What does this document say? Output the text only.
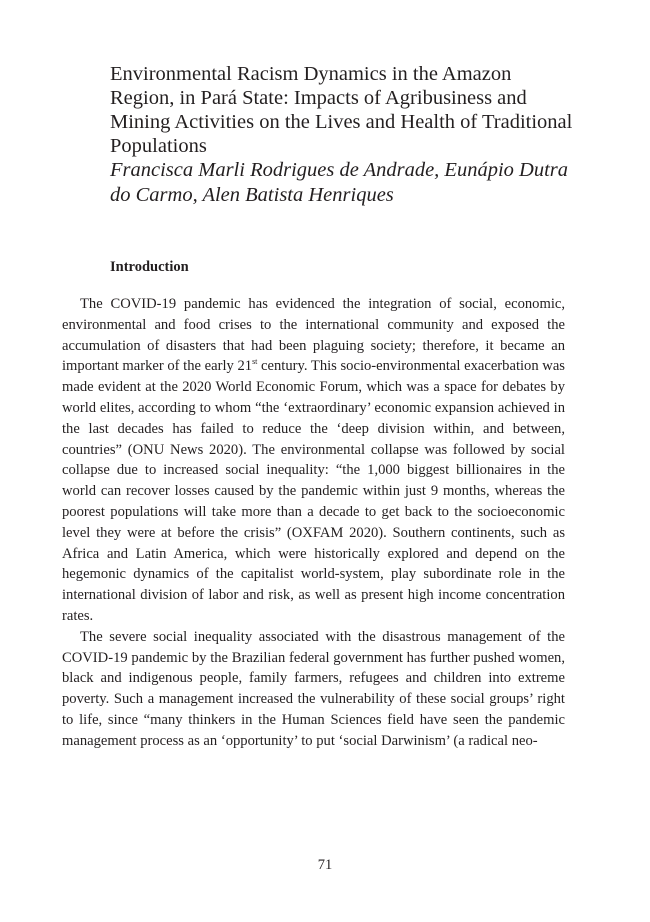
Environmental Racism Dynamics in the Amazon Region, in Pará State: Impacts of Agribusiness and Mining Activities on the Lives and Health of Traditional Populations
Francisca Marli Rodrigues de Andrade, Eunápio Dutra do Carmo, Alen Batista Henriques
Introduction

The COVID-19 pandemic has evidenced the integration of social, economic, environmental and food crises to the international community and exposed the accumulation of disasters that had been plaguing society; therefore, it became an important marker of the early 21st century. This socio-environmental exacerbation was made evident at the 2020 World Economic Forum, which was a space for debates by world elites, according to whom “the ‘extraordinary’ economic expansion achieved in the last decades has failed to reduce the ‘deep division within, and between, countries” (ONU News 2020). The environmental collapse was followed by social collapse due to increased social inequality: “the 1,000 biggest billionaires in the world can recover losses caused by the pandemic within just 9 months, whereas the poorest populations will take more than a decade to get back to the socioeconomic level they were at before the crisis” (OXFAM 2020). Southern continents, such as Africa and Latin America, which were historically explored and depend on the hegemonic dynamics of the capitalist world-system, play subordinate role in the international division of labor and risk, as well as present high income concentration rates.

The severe social inequality associated with the disastrous management of the COVID-19 pandemic by the Brazilian federal government has further pushed women, black and indigenous people, family farmers, refugees and children into extreme poverty. Such a management increased the vulnerability of these social groups’ right to life, since “many thinkers in the Human Sciences field have seen the pandemic management process as an ‘opportunity’ to put ‘social Darwinism’ (a radical neo-

71
